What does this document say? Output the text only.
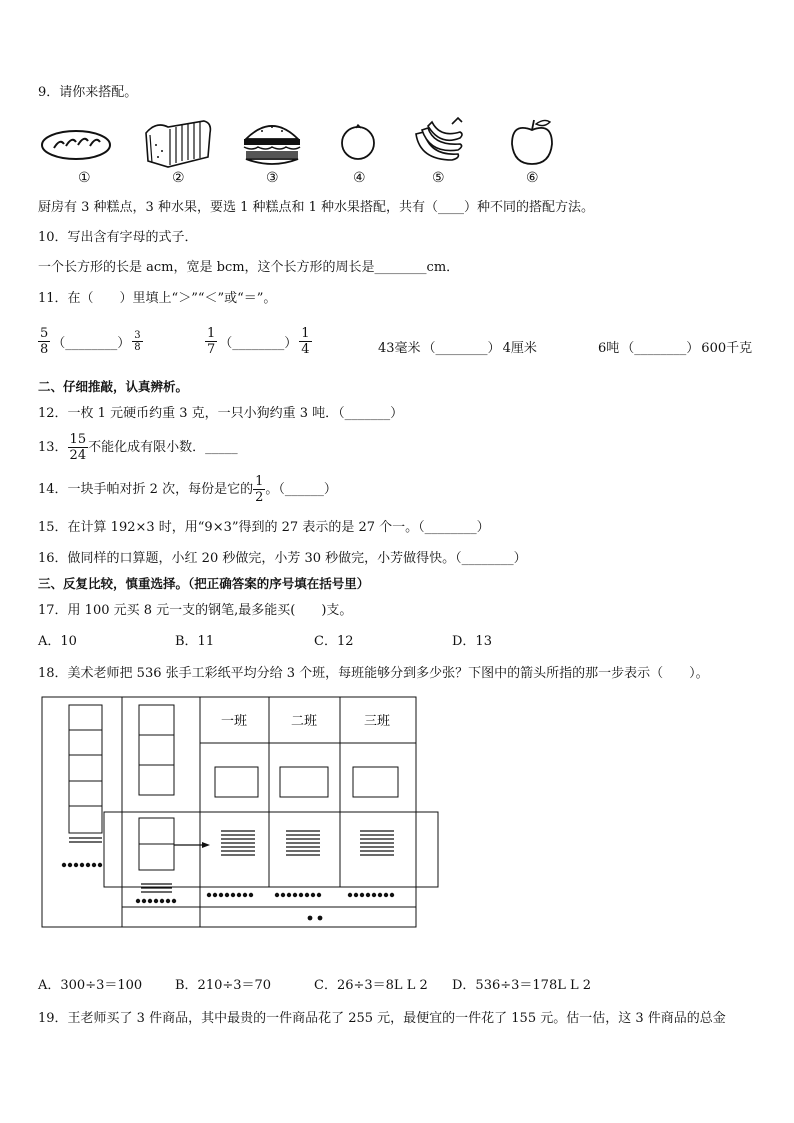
9．请你来搭配。
①	②	③	④	⑤	⑥
厨房有 3 种糕点，3 种水果，要选 1 种糕点和 1 种水果搭配，共有（____）种不同的搭配方法。
10．写出含有字母的式子．
一个长方形的长是 acm，宽是 bcm，这个长方形的周长是________cm．
11．在（　　）里填上“＞”“＜”或“＝”。
$\frac{5}{8}$ （________） $\frac{3}{8}$	$\frac{1}{7}$ （________） $\frac{1}{4}$	43毫米 （________） 4厘米	6吨 （________） 600千克
二、仔细推敲，认真辨析。
12．一枚 1 元硬币约重 3 克，一只小狗约重 3 吨．（_______）
13． $\frac{15}{24}$ 不能化成有限小数．_____
14．一块手帕对折 2 次，每份是它的 $\frac{1}{2}$ 。（______）
15．在计算 192×3 时，用“9×3”得到的 27 表示的是 27 个一。（________）
16．做同样的口算题，小红 20 秒做完，小芳 30 秒做完，小芳做得快。（________）
三、反复比较，慎重选择。（把正确答案的序号填在括号里）
17．用 100 元买 8 元一支的钢笔,最多能买(　　)支。
A．10	B．11	C．12	D．13
18．美术老师把 536 张手工彩纸平均分给 3 个班，每班能够分到多少张？下图中的箭头所指的那一步表示（　　）。
一班	二班	三班
A．300÷3＝100	B．210÷3＝70	C．26÷3＝8L L 2 D．536÷3＝178L L 2
19．王老师买了 3 件商品，其中最贵的一件商品花了 255 元，最便宜的一件花了 155 元。估一估，这 3 件商品的总金
